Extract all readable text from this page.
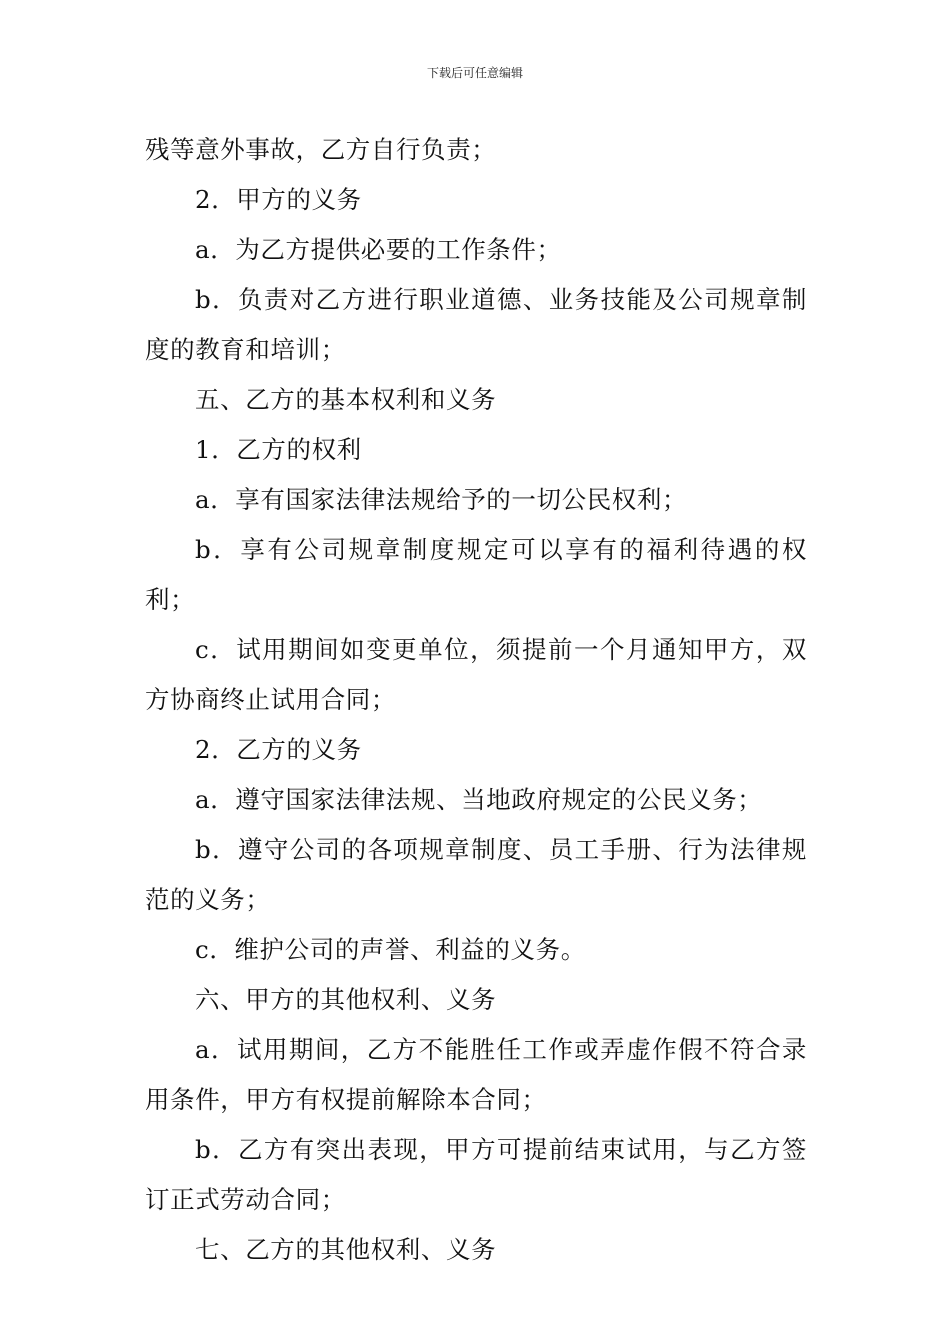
下载后可任意编辑

残等意外事故，乙方自行负责；

2．甲方的义务

a．为乙方提供必要的工作条件；

b．负责对乙方进行职业道德、业务技能及公司规章制度的教育和培训；

五、乙方的基本权利和义务

1．乙方的权利

a．享有国家法律法规给予的一切公民权利；

b．享有公司规章制度规定可以享有的福利待遇的权利；

c．试用期间如变更单位，须提前一个月通知甲方，双方协商终止试用合同；

2．乙方的义务

a．遵守国家法律法规、当地政府规定的公民义务；

b．遵守公司的各项规章制度、员工手册、行为法律规范的义务；

c．维护公司的声誉、利益的义务。

六、甲方的其他权利、义务

a．试用期间，乙方不能胜任工作或弄虚作假不符合录用条件，甲方有权提前解除本合同；

b．乙方有突出表现，甲方可提前结束试用，与乙方签订正式劳动合同；

七、乙方的其他权利、义务
